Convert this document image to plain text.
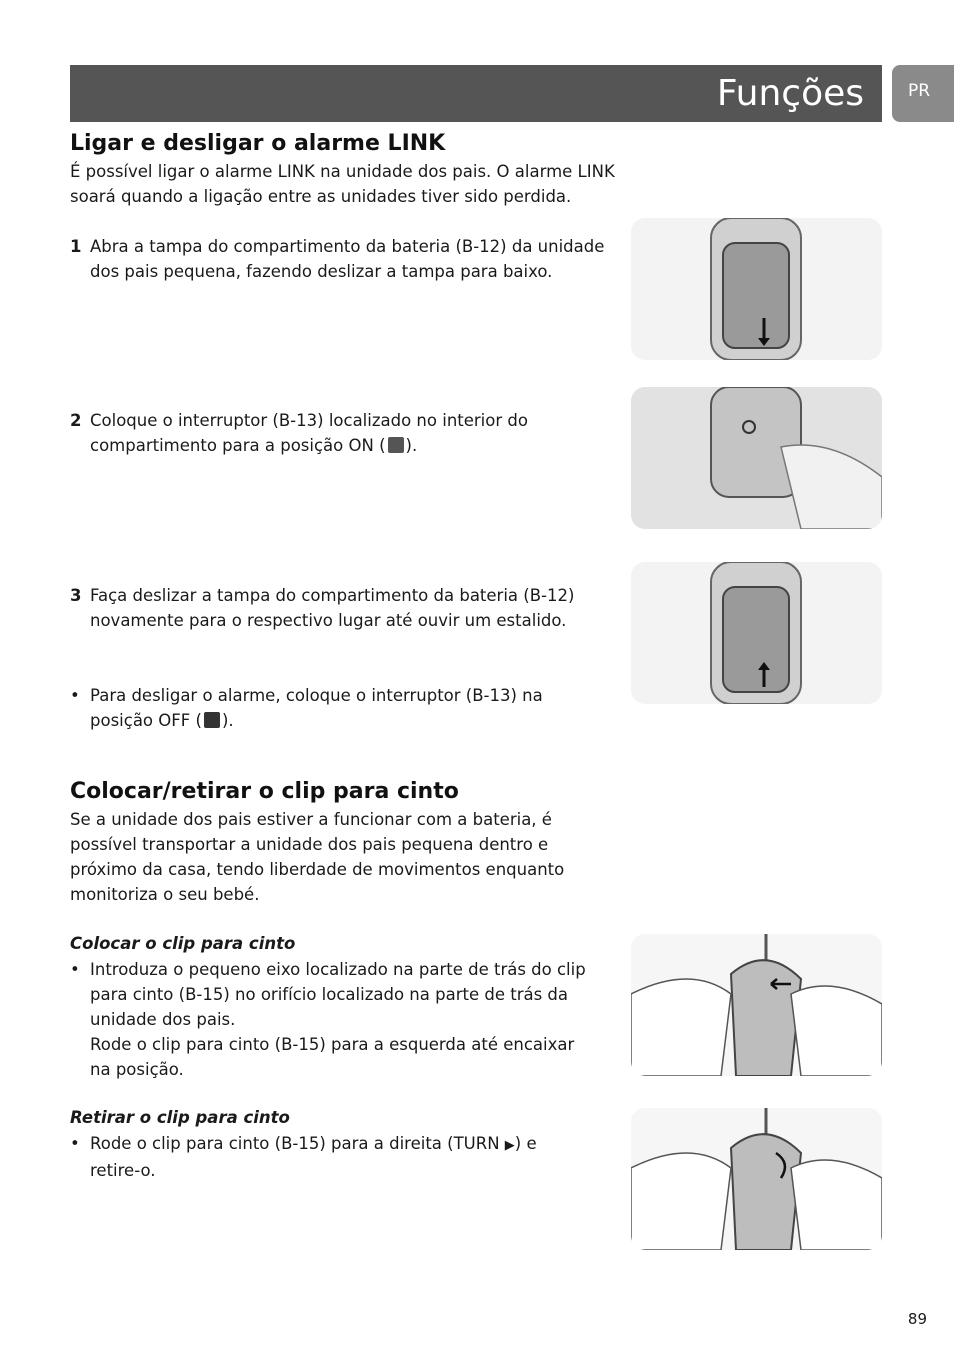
Funções	PR
Ligar e desligar o alarme LINK
É possível ligar o alarme LINK na unidade dos pais. O alarme LINK
soará quando a ligação entre as unidades tiver sido perdida.
1 Abra a tampa do compartimento da bateria (B-12) da unidade
dos pais pequena, fazendo deslizar a tampa para baixo.
2 Coloque o interruptor (B-13) localizado no interior do
compartimento para a posição ON ( ).
3 Faça deslizar a tampa do compartimento da bateria (B-12)
novamente para o respectivo lugar até ouvir um estalido.
• Para desligar o alarme, coloque o interruptor (B-13) na
posição OFF ( ).
Colocar/retirar o clip para cinto
Se a unidade dos pais estiver a funcionar com a bateria, é
possível transportar a unidade dos pais pequena dentro e
próximo da casa, tendo liberdade de movimentos enquanto
monitoriza o seu bebé.
Colocar o clip para cinto
• Introduza o pequeno eixo localizado na parte de trás do clip
para cinto (B-15) no orifício localizado na parte de trás da
unidade dos pais.
Rode o clip para cinto (B-15) para a esquerda até encaixar
na posição.
Retirar o clip para cinto
• Rode o clip para cinto (B-15) para a direita (TURN ▶) e
retire-o.
89
